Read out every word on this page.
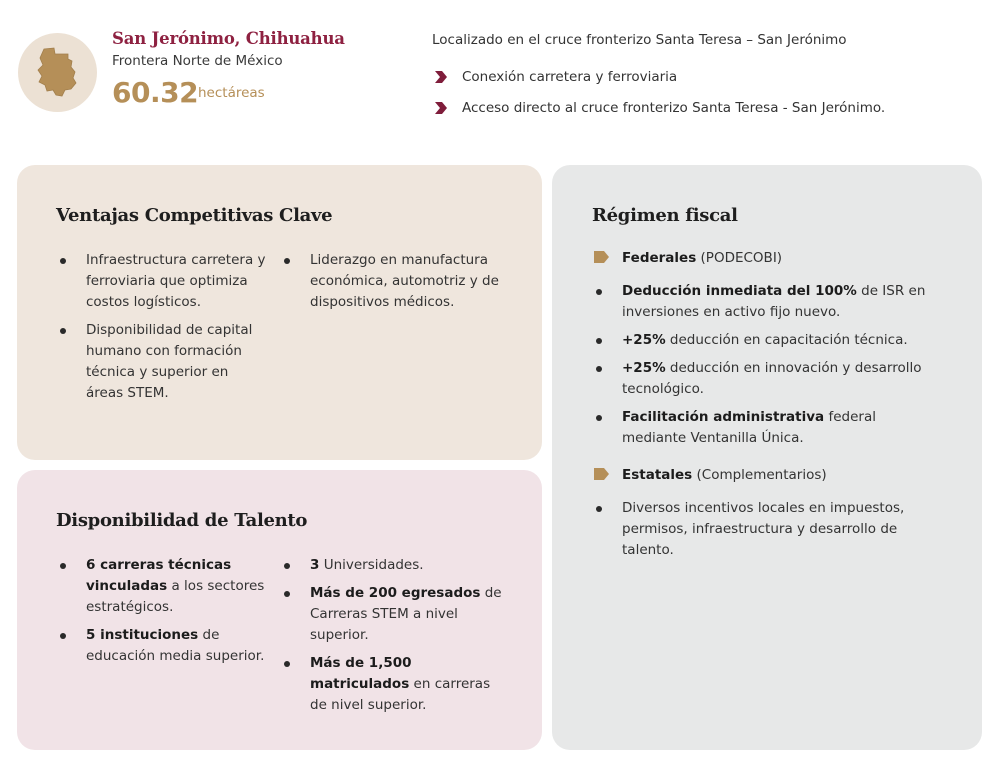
San Jerónimo, Chihuahua
Frontera Norte de México
60.32 hectáreas
Localizado en el cruce fronterizo Santa Teresa – San Jerónimo
Conexión carretera y ferroviaria
Acceso directo al cruce fronterizo Santa Teresa - San Jerónimo.
Ventajas Competitivas Clave
Infraestructura carretera y ferroviaria que optimiza costos logísticos.
Disponibilidad de capital humano con formación técnica y superior en áreas STEM.
Liderazgo en manufactura económica, automotriz y de dispositivos médicos.
Disponibilidad de Talento
6 carreras técnicas vinculadas a los sectores estratégicos.
5 instituciones de educación media superior.
3 Universidades.
Más de 200 egresados de Carreras STEM a nivel superior.
Más de 1,500 matriculados en carreras de nivel superior.
Régimen fiscal
Federales (PODECOBI)
Deducción inmediata del 100% de ISR en inversiones en activo fijo nuevo.
+25% deducción en capacitación técnica.
+25% deducción en innovación y desarrollo tecnológico.
Facilitación administrativa federal mediante Ventanilla Única.
Estatales (Complementarios)
Diversos incentivos locales en impuestos, permisos, infraestructura y desarrollo de talento.
